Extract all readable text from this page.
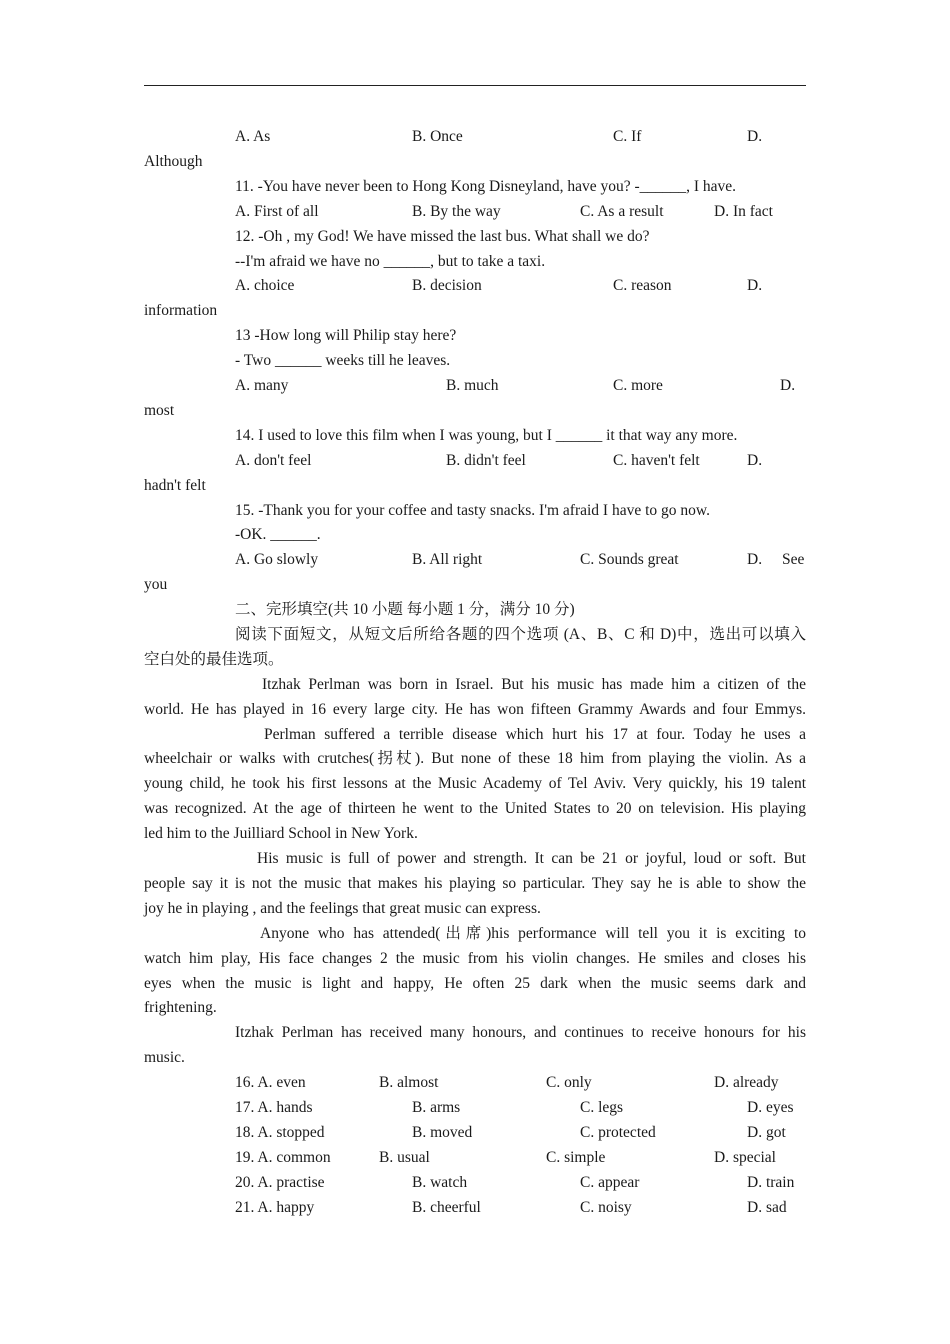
A. As	B. Once	C. If	D.
Although
11. -You have never been to Hong Kong Disneyland, have you? -______, I have.
A. First of all	B. By the way	C. As a result	D. In fact
12. -Oh , my God! We have missed the last bus. What shall we do?
--I'm afraid we have no ______, but to take a taxi.
A. choice	B. decision	C. reason	D.
information
13 -How long will Philip stay here?
- Two ______ weeks till he leaves.
A. many	B. much	C. more	D.
most
14. I used to love this film when I was young, but I ______ it that way any more.
A. don't feel	B. didn't feel	C. haven't felt	D.
hadn't felt
15. -Thank you for your coffee and tasty snacks. I'm afraid I have to go now.
-OK. ______.
A. Go slowly	B. All right	C. Sounds great	D. See
you
二、完形填空(共 10 小题 每小题 1 分，满分 10 分)
阅读下面短文，从短文后所给各题的四个选项 (A、B、C 和 D)中，选出可以填入
空白处的最佳选项。
Itzhak Perlman was born in Israel. But his music has made him a citizen of the
world. He has played in 16 every large city. He has won fifteen Grammy Awards and four Emmys.
Perlman suffered a terrible disease which hurt his 17 at four. Today he uses a
wheelchair or walks with crutches(拐杖). But none of these 18 him from playing the violin. As a
young child, he took his first lessons at the Music Academy of Tel Aviv. Very quickly, his 19 talent
was recognized. At the age of thirteen he went to the United States to 20 on television. His playing
led him to the Juilliard School in New York.
His music is full of power and strength. It can be 21 or joyful, loud or soft. But
people say it is not the music that makes his playing so particular. They say he is able to show the
joy he in playing , and the feelings that great music can express.
Anyone who has attended(出席)his performance will tell you it is exciting to
watch him play, His face changes 2 the music from his violin changes. He smiles and closes his
eyes when the music is light and happy, He often 25 dark when the music seems dark and
frightening.
Itzhak Perlman has received many honours, and continues to receive honours for his
music.
16. A. even	B. almost	C. only	D. already
17. A. hands	B. arms	C. legs	D. eyes
18. A. stopped	B. moved	C. protected	D. got
19. A. common	B. usual	C. simple	D. special
20. A. practise	B. watch	C. appear	D. train
21. A. happy	B. cheerful	C. noisy	D. sad
